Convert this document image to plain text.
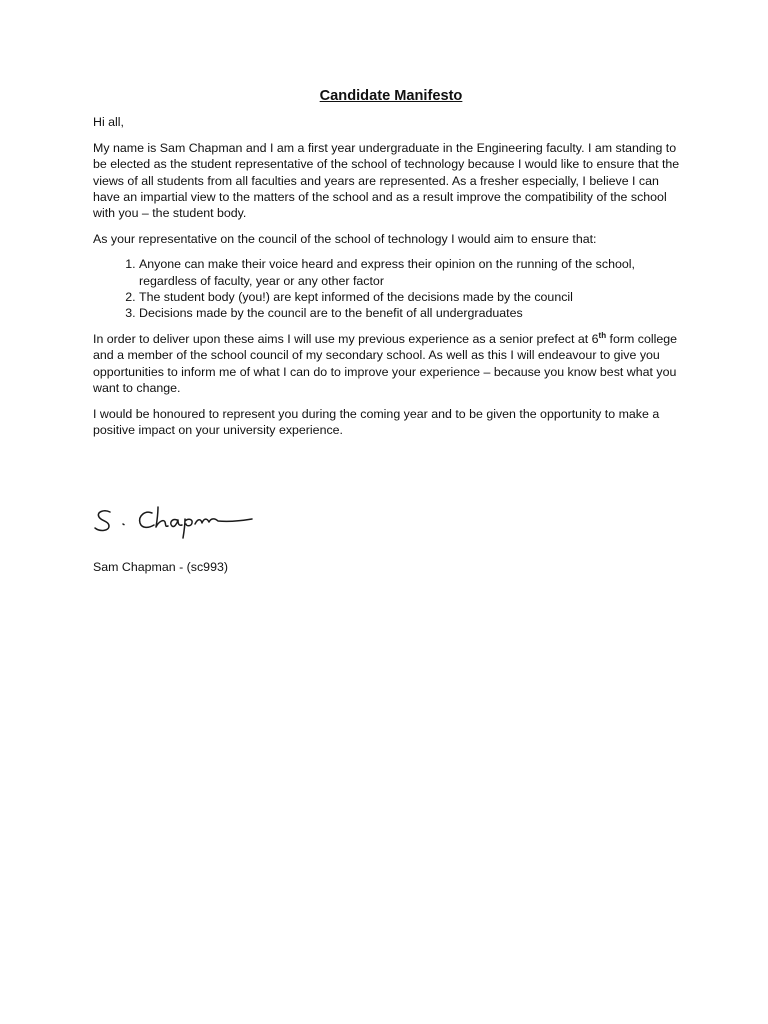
Candidate Manifesto

Hi all,

My name is Sam Chapman and I am a first year undergraduate in the Engineering faculty. I am standing to be elected as the student representative of the school of technology because I would like to ensure that the views of all students from all faculties and years are represented. As a fresher especially, I believe I can have an impartial view to the matters of the school and as a result improve the compatibility of the school with you – the student body.

As your representative on the council of the school of technology I would aim to ensure that:

1. Anyone can make their voice heard and express their opinion on the running of the school, regardless of faculty, year or any other factor
2. The student body (you!) are kept informed of the decisions made by the council
3. Decisions made by the council are to the benefit of all undergraduates

In order to deliver upon these aims I will use my previous experience as a senior prefect at 6th form college and a member of the school council of my secondary school. As well as this I will endeavour to give you opportunities to inform me of what I can do to improve your experience – because you know best what you want to change.

I would be honoured to represent you during the coming year and to be given the opportunity to make a positive impact on your university experience.

Sam Chapman - (sc993)
